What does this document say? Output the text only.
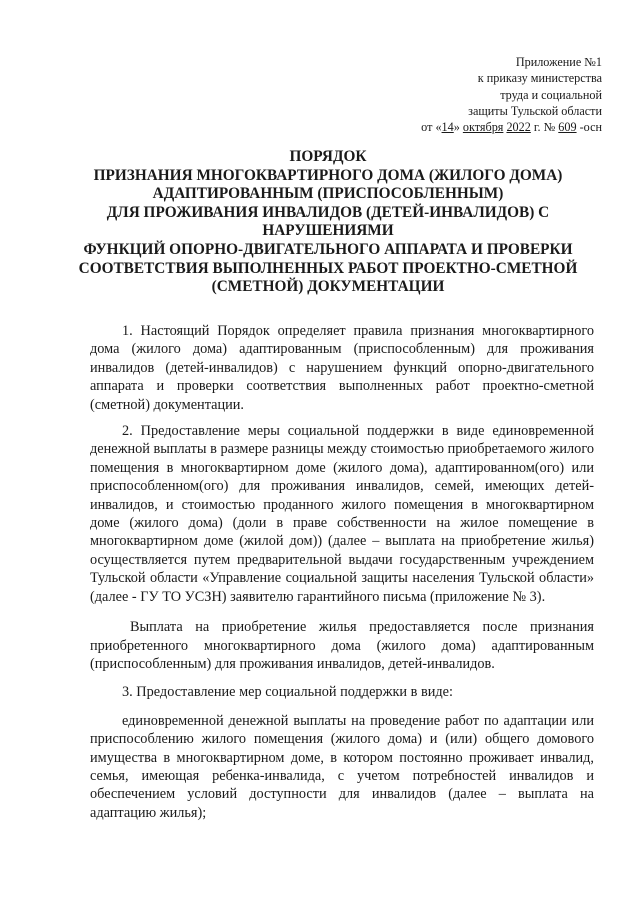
Приложение №1
к приказу министерства
труда и социальной
защиты Тульской области
от «14» октября 2022 г. № 609 -осн
ПОРЯДОК
ПРИЗНАНИЯ МНОГОКВАРТИРНОГО ДОМА (ЖИЛОГО ДОМА)
АДАПТИРОВАННЫМ (ПРИСПОСОБЛЕННЫМ)
ДЛЯ ПРОЖИВАНИЯ ИНВАЛИДОВ (ДЕТЕЙ-ИНВАЛИДОВ) С
НАРУШЕНИЯМИ
ФУНКЦИЙ ОПОРНО-ДВИГАТЕЛЬНОГО АППАРАТА И ПРОВЕРКИ
СООТВЕТСТВИЯ ВЫПОЛНЕННЫХ РАБОТ ПРОЕКТНО-СМЕТНОЙ
(СМЕТНОЙ) ДОКУМЕНТАЦИИ

1. Настоящий Порядок определяет правила признания многоквартирного дома (жилого дома) адаптированным (приспособленным) для проживания инвалидов (детей-инвалидов) с нарушением функций опорно-двигательного аппарата и проверки соответствия выполненных работ проектно-сметной (сметной) документации.

2. Предоставление меры социальной поддержки в виде единовременной денежной выплаты в размере разницы между стоимостью приобретаемого жилого помещения в многоквартирном доме (жилого дома), адаптированном(ого) или приспособленном(ого) для проживания инвалидов, семей, имеющих детей-инвалидов, и стоимостью проданного жилого помещения в многоквартирном доме (жилого дома) (доли в праве собственности на жилое помещение в многоквартирном доме (жилой дом)) (далее – выплата на приобретение жилья) осуществляется путем предварительной выдачи государственным учреждением Тульской области «Управление социальной защиты населения Тульской области» (далее - ГУ ТО УСЗН) заявителю гарантийного письма (приложение № 3).

Выплата на приобретение жилья предоставляется после признания приобретенного многоквартирного дома (жилого дома) адаптированным (приспособленным) для проживания инвалидов, детей-инвалидов.

3. Предоставление мер социальной поддержки в виде:

единовременной денежной выплаты на проведение работ по адаптации или приспособлению жилого помещения (жилого дома) и (или) общего домового имущества в многоквартирном доме, в котором постоянно проживает инвалид, семья, имеющая ребенка-инвалида, с учетом потребностей инвалидов и обеспечением условий доступности для инвалидов (далее – выплата на адаптацию жилья);
